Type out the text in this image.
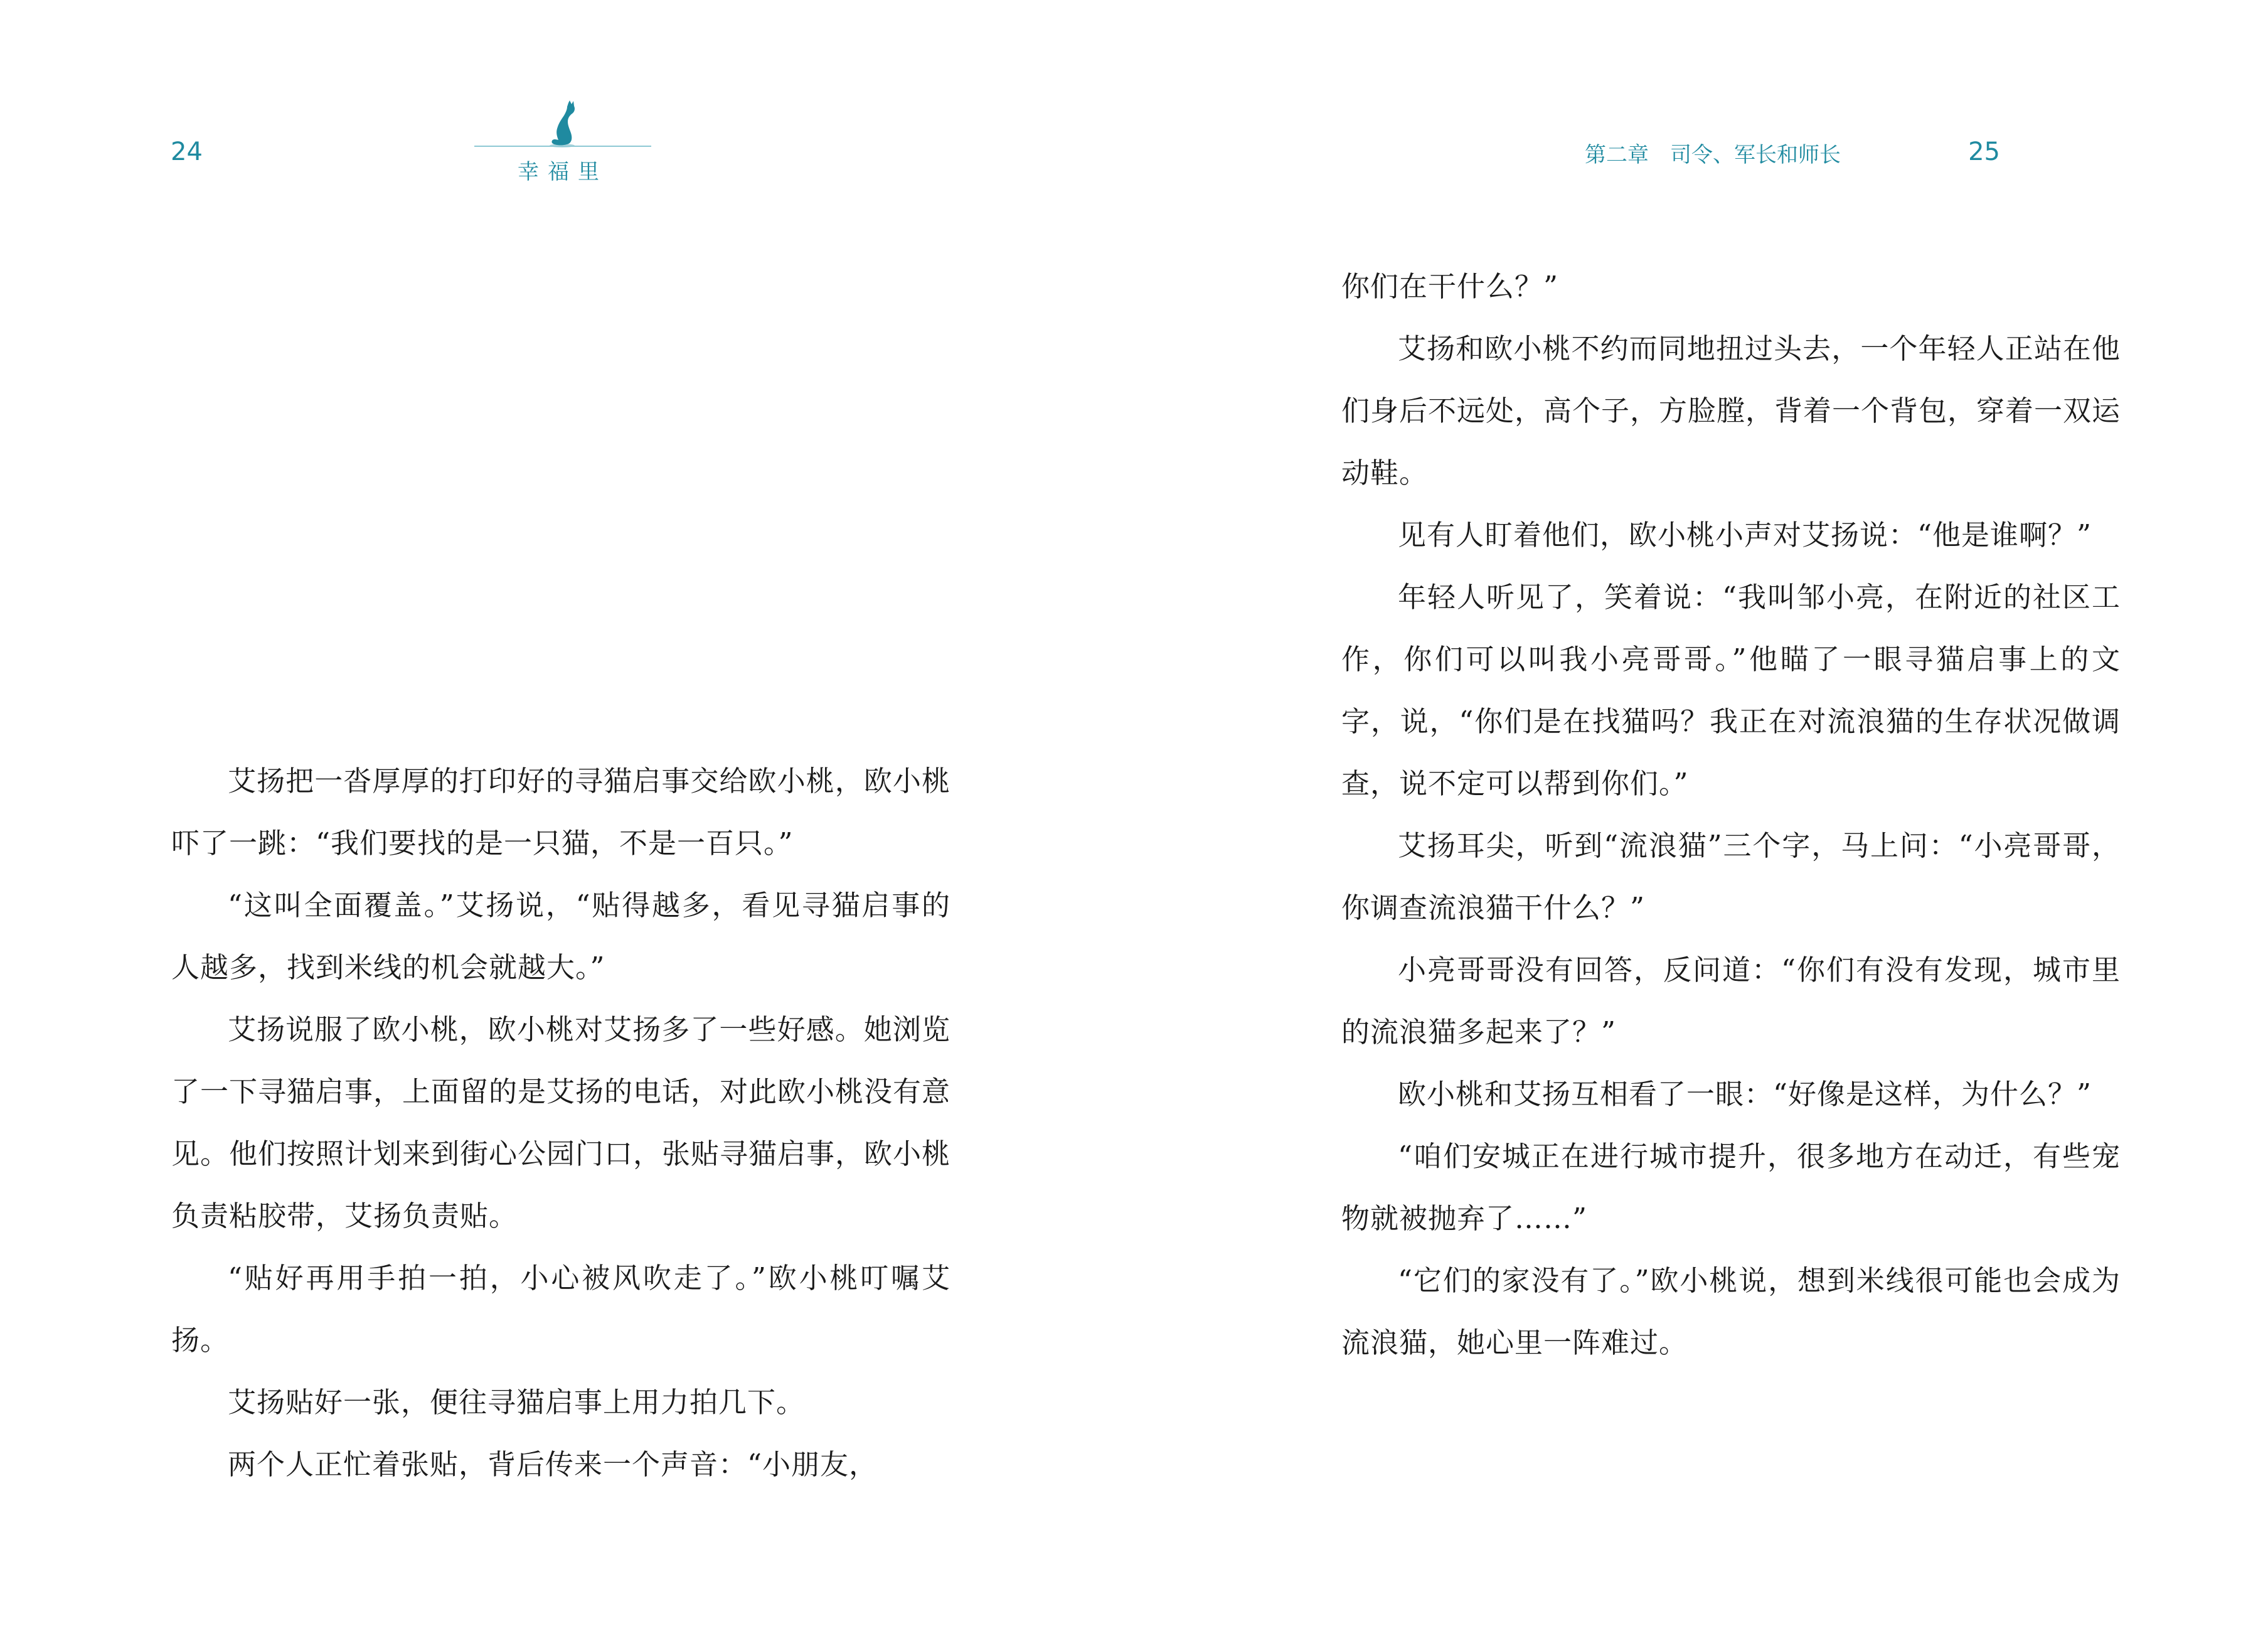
24
幸福里

艾扬把一沓厚厚的打印好的寻猫启事交给欧小桃，欧小桃吓了一跳：“我们要找的是一只猫，不是一百只。”

“这叫全面覆盖。”艾扬说，“贴得越多，看见寻猫启事的人越多，找到米线的机会就越大。”

艾扬说服了欧小桃，欧小桃对艾扬多了一些好感。她浏览了一下寻猫启事，上面留的是艾扬的电话，对此欧小桃没有意见。他们按照计划来到街心公园门口，张贴寻猫启事，欧小桃负责粘胶带，艾扬负责贴。

“贴好再用手拍一拍，小心被风吹走了。”欧小桃叮嘱艾扬。

艾扬贴好一张，便往寻猫启事上用力拍几下。

两个人正忙着张贴，背后传来一个声音：“小朋友，

第二章　司令、军长和师长	25

你们在干什么？”

艾扬和欧小桃不约而同地扭过头去，一个年轻人正站在他们身后不远处，高个子，方脸膛，背着一个背包，穿着一双运动鞋。

见有人盯着他们，欧小桃小声对艾扬说：“他是谁啊？”

年轻人听见了，笑着说：“我叫邹小亮，在附近的社区工作，你们可以叫我小亮哥哥。”他瞄了一眼寻猫启事上的文字，说，“你们是在找猫吗？我正在对流浪猫的生存状况做调查，说不定可以帮到你们。”

艾扬耳尖，听到“流浪猫”三个字，马上问：“小亮哥哥，你调查流浪猫干什么？”

小亮哥哥没有回答，反问道：“你们有没有发现，城市里的流浪猫多起来了？”

欧小桃和艾扬互相看了一眼：“好像是这样，为什么？”

“咱们安城正在进行城市提升，很多地方在动迁，有些宠物就被抛弃了……”

“它们的家没有了。”欧小桃说，想到米线很可能也会成为流浪猫，她心里一阵难过。
